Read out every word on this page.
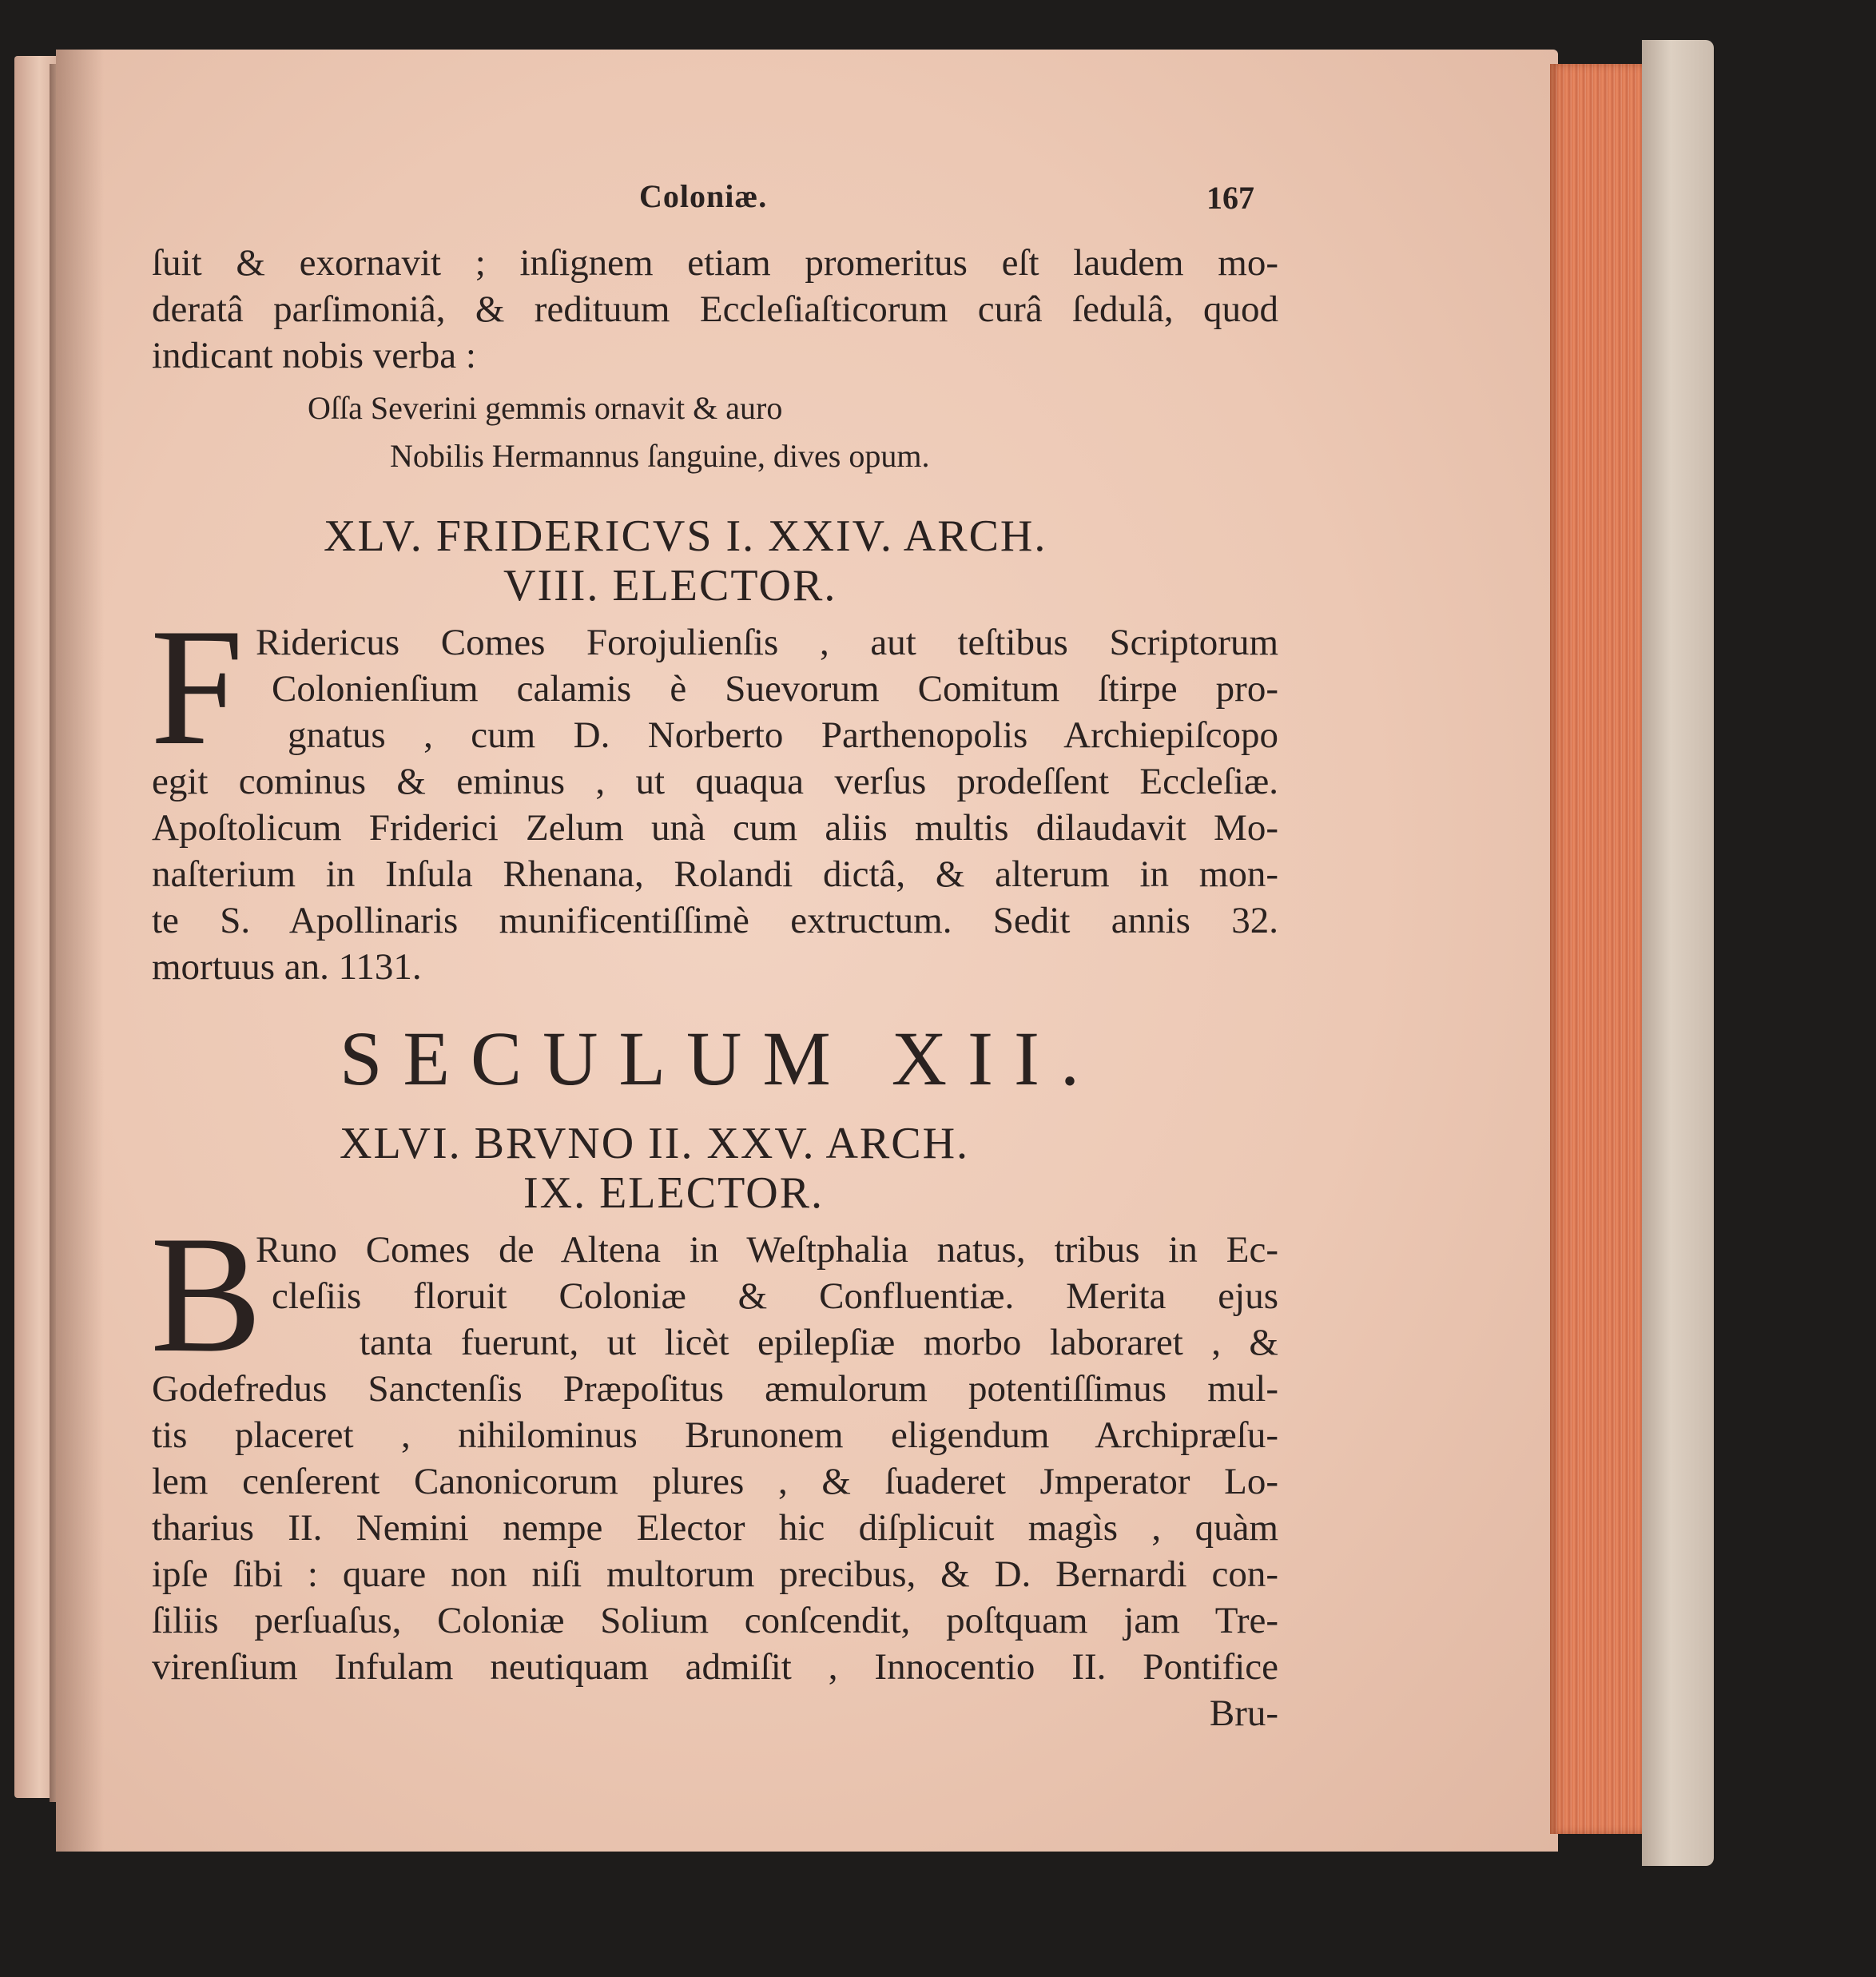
Coloniæ.	167
ſuit & exornavit ; inſignem etiam promeritus eſt laudem mo-
deratâ parſimoniâ, & redituum Eccleſiaſticorum curâ ſedulâ, quod
indicant nobis verba :
Oſſa Severini gemmis ornavit & auro
Nobilis Hermannus ſanguine, dives opum.
XLV. FRIDERICVS I. XXIV. ARCH.
VIII. ELECTOR.
F Ridericus Comes Forojulienſis , aut teſtibus Scriptorum
Colonienſium calamis è Suevorum Comitum ſtirpe pro-
gnatus , cum D. Norberto Parthenopolis Archiepiſcopo
egit cominus & eminus , ut quaqua verſus prodeſſent Eccleſiæ.
Apoſtolicum Friderici Zelum unà cum aliis multis dilaudavit Mo-
naſterium in Inſula Rhenana, Rolandi dictâ, & alterum in mon-
te S. Apollinaris munificentiſſimè extructum. Sedit annis 32.
mortuus an. 1131.
SECULUM XII.
XLVI. BRVNO II. XXV. ARCH.
IX. ELECTOR.
B
Runo Comes de Altena in Weſtphalia natus, tribus in Ec-
cleſiis floruit Coloniæ & Confluentiæ. Merita ejus
tanta fuerunt, ut licèt epilepſiæ morbo laboraret , &
Godefredus Sanctenſis Præpoſitus æmulorum potentiſſimus mul-
tis placeret , nihilominus Brunonem eligendum Archipræſu-
lem cenſerent Canonicorum plures , & ſuaderet Jmperator Lo-
tharius II. Nemini nempe Elector hic diſplicuit magìs , quàm
ipſe ſibi : quare non niſi multorum precibus, & D. Bernardi con-
ſiliis perſuaſus, Coloniæ Solium conſcendit, poſtquam jam Tre-
virenſium Infulam neutiquam admiſit , Innocentio II. Pontifice
Bru-
